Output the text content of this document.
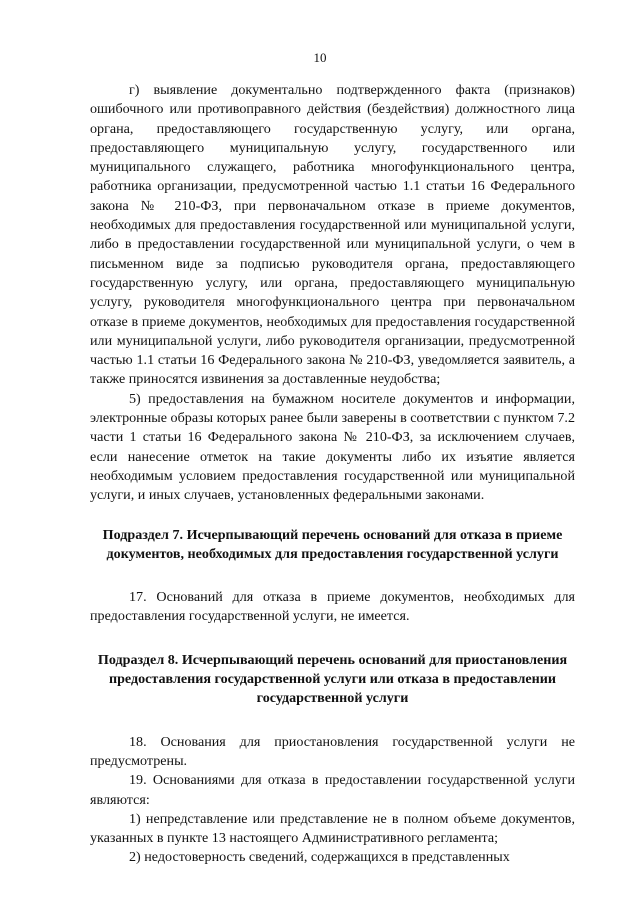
10

г) выявление документально подтвержденного факта (признаков) ошибочного или противоправного действия (бездействия) должностного лица органа, предоставляющего государственную услугу, или органа, предоставляющего муниципальную услугу, государственного или муниципального служащего, работника многофункционального центра, работника организации, предусмотренной частью 1.1 статьи 16 Федерального закона № 210-ФЗ, при первоначальном отказе в приеме документов, необходимых для предоставления государственной или муниципальной услуги, либо в предоставлении государственной или муниципальной услуги, о чем в письменном виде за подписью руководителя органа, предоставляющего государственную услугу, или органа, предоставляющего муниципальную услугу, руководителя многофункционального центра при первоначальном отказе в приеме документов, необходимых для предоставления государственной или муниципальной услуги, либо руководителя организации, предусмотренной частью 1.1 статьи 16 Федерального закона № 210-ФЗ, уведомляется заявитель, а также приносятся извинения за доставленные неудобства;

5) предоставления на бумажном носителе документов и информации, электронные образы которых ранее были заверены в соответствии с пунктом 7.2 части 1 статьи 16 Федерального закона № 210-ФЗ, за исключением случаев, если нанесение отметок на такие документы либо их изъятие является необходимым условием предоставления государственной или муниципальной услуги, и иных случаев, установленных федеральными законами.

Подраздел 7. Исчерпывающий перечень оснований для отказа в приеме документов, необходимых для предоставления государственной услуги

17. Оснований для отказа в приеме документов, необходимых для предоставления государственной услуги, не имеется.

Подраздел 8. Исчерпывающий перечень оснований для приостановления предоставления государственной услуги или отказа в предоставлении государственной услуги

18. Основания для приостановления государственной услуги не предусмотрены.

19. Основаниями для отказа в предоставлении государственной услуги являются:

1) непредставление или представление не в полном объеме документов, указанных в пункте 13 настоящего Административного регламента;

2) недостоверность сведений, содержащихся в представленных
